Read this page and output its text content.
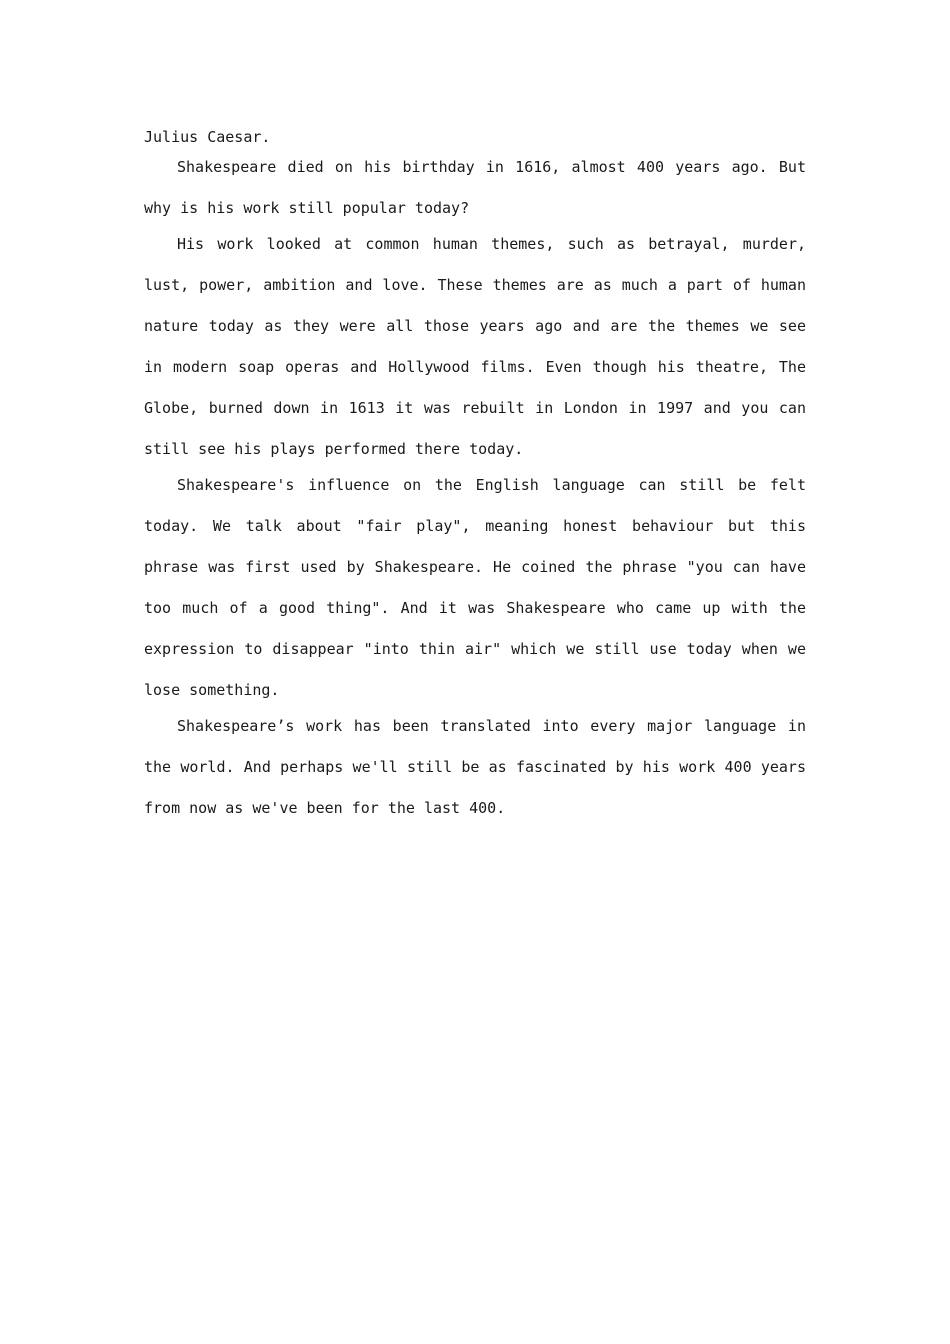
Julius Caesar.

Shakespeare died on his birthday in 1616, almost 400 years ago. But why is his work still popular today?

His work looked at common human themes, such as betrayal, murder, lust, power, ambition and love. These themes are as much a part of human nature today as they were all those years ago and are the themes we see in modern soap operas and Hollywood films. Even though his theatre, The Globe, burned down in 1613 it was rebuilt in London in 1997 and you can still see his plays performed there today.

Shakespeare's influence on the English language can still be felt today. We talk about "fair play", meaning honest behaviour but this phrase was first used by Shakespeare. He coined the phrase "you can have too much of a good thing". And it was Shakespeare who came up with the expression to disappear "into thin air" which we still use today when we lose something.

Shakespeare’s work has been translated into every major language in the world. And perhaps we'll still be as fascinated by his work 400 years from now as we've been for the last 400.
